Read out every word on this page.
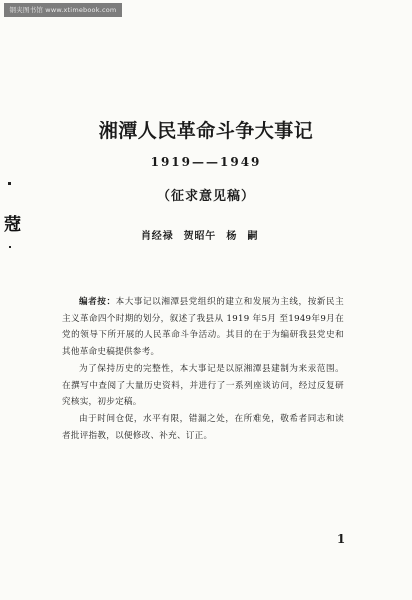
钢夹图书馆 www.xtimebook.com
蒄
湘潭人民革命斗争大事记
1919——1949
（征求意见稿）
肖经禄 贺昭午 杨 嗣

编者按：本大事记以湘潭县党组织的建立和发展为主线，按新民主主义革命四个时期的划分，叙述了我县从 1919 年5月 至1949年9月在党的领导下所开展的人民革命斗争活动。其目的在于为编研我县党史和其他革命史稿提供参考。

为了保持历史的完整性，本大事记是以原湘潭县建制为来汞范围。在撰写中查阅了大量历史资料，并进行了一系列座谈访问，经过反复研究核实，初步定稿。

由于时间仓促，水平有限，错漏之处，在所难免，敬希者同志和读者批评指教，以便修改、补充、订正。

1
